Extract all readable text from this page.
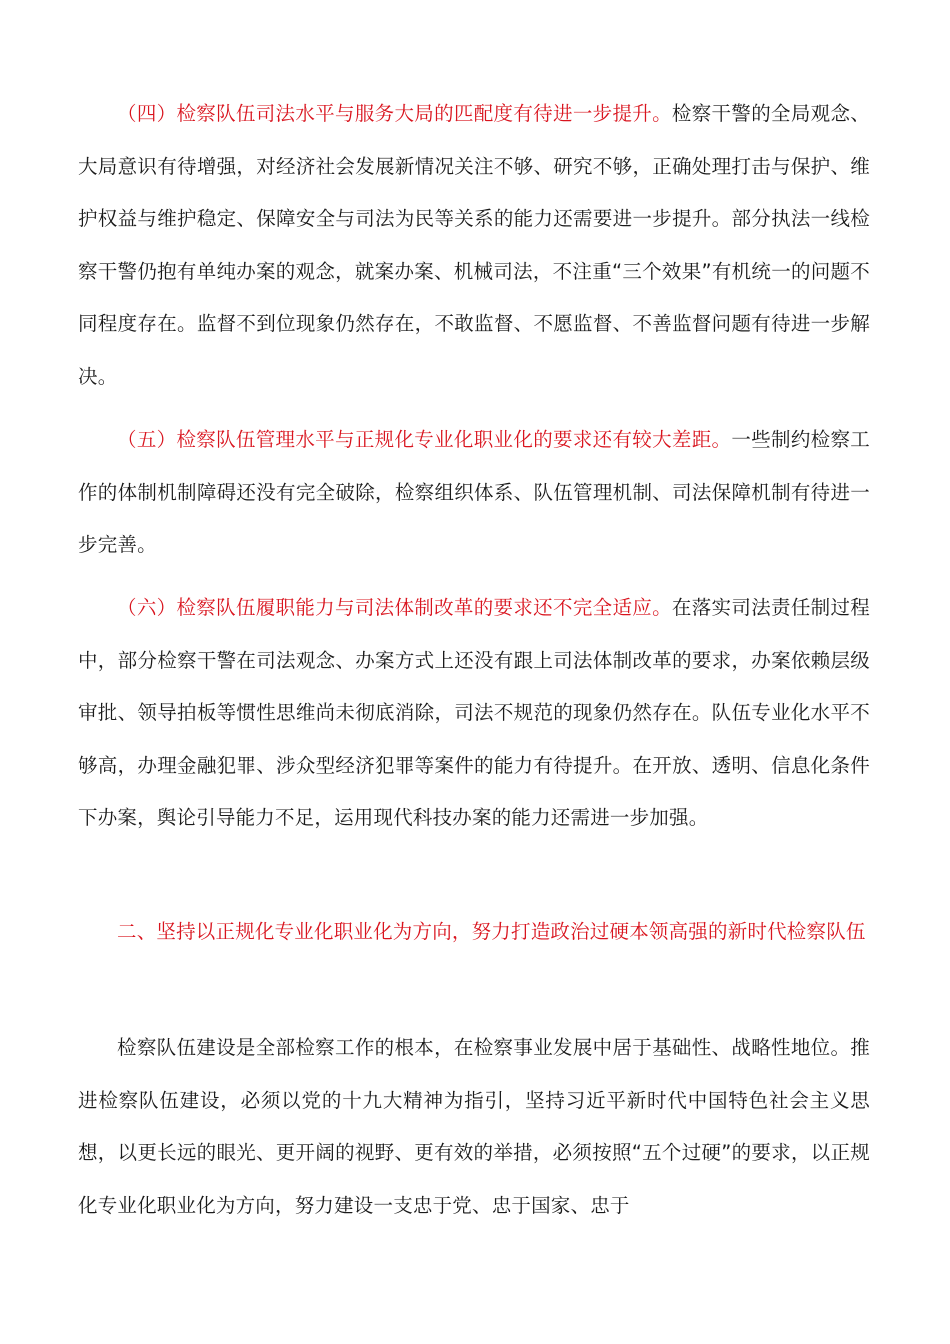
（四）检察队伍司法水平与服务大局的匹配度有待进一步提升。检察干警的全局观念、大局意识有待增强，对经济社会发展新情况关注不够、研究不够，正确处理打击与保护、维护权益与维护稳定、保障安全与司法为民等关系的能力还需要进一步提升。部分执法一线检察干警仍抱有单纯办案的观念，就案办案、机械司法，不注重“三个效果”有机统一的问题不同程度存在。监督不到位现象仍然存在，不敢监督、不愿监督、不善监督问题有待进一步解决。

（五）检察队伍管理水平与正规化专业化职业化的要求还有较大差距。一些制约检察工作的体制机制障碍还没有完全破除，检察组织体系、队伍管理机制、司法保障机制有待进一步完善。

（六）检察队伍履职能力与司法体制改革的要求还不完全适应。在落实司法责任制过程中，部分检察干警在司法观念、办案方式上还没有跟上司法体制改革的要求，办案依赖层级审批、领导拍板等惯性思维尚未彻底消除，司法不规范的现象仍然存在。队伍专业化水平不够高，办理金融犯罪、涉众型经济犯罪等案件的能力有待提升。在开放、透明、信息化条件下办案，舆论引导能力不足，运用现代科技办案的能力还需进一步加强。

二、坚持以正规化专业化职业化为方向，努力打造政治过硬本领高强的新时代检察队伍

检察队伍建设是全部检察工作的根本，在检察事业发展中居于基础性、战略性地位。推进检察队伍建设，必须以党的十九大精神为指引，坚持习近平新时代中国特色社会主义思想，以更长远的眼光、更开阔的视野、更有效的举措，必须按照“五个过硬”的要求，以正规化专业化职业化为方向，努力建设一支忠于党、忠于国家、忠于
